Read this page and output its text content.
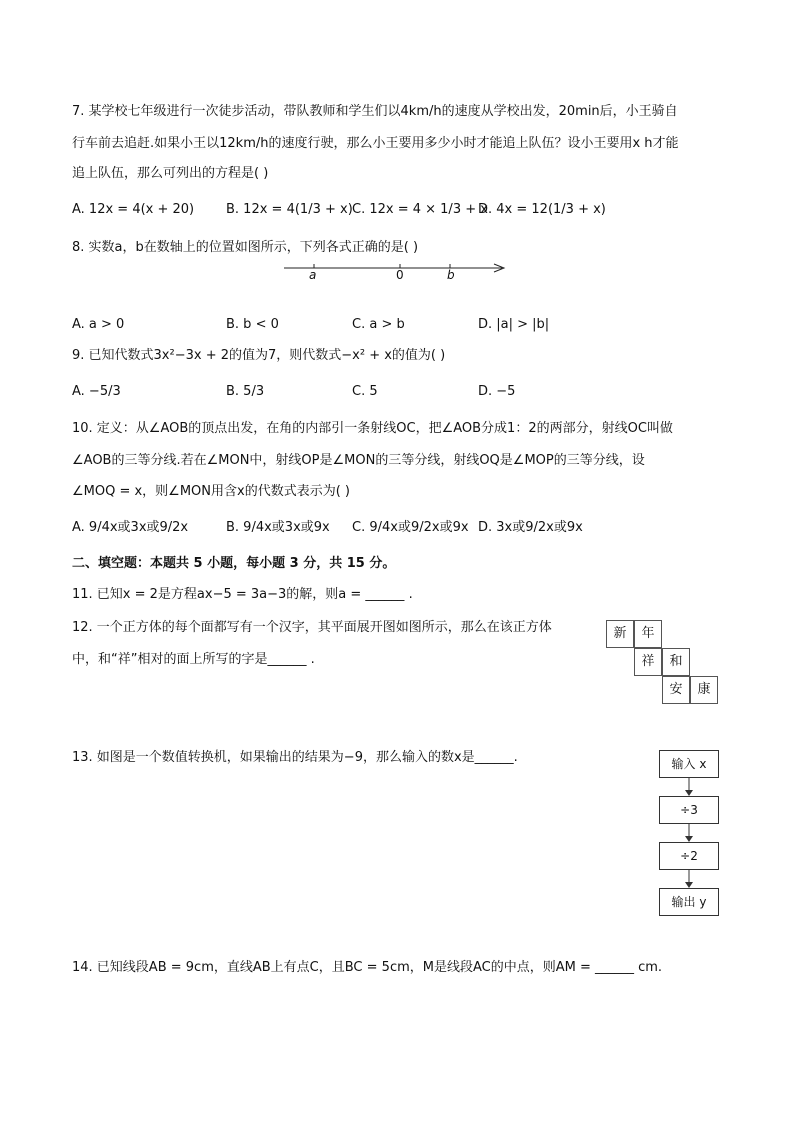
7. 某学校七年级进行一次徒步活动，带队教师和学生们以4km/h的速度从学校出发，20min后，小王骑自
行车前去追赶.如果小王以12km/h的速度行驶，那么小王要用多少小时才能追上队伍？设小王要用x h才能
追上队伍，那么可列出的方程是( )
A. 12x = 4(x + 20) B. 12x = 4(1/3 + x) C. 12x = 4 × 1/3 + x
D. 4x = 12(1/3 + x)
8. 实数a，b在数轴上的位置如图所示，下列各式正确的是( )
a	0	b
A. a > 0	B. b < 0	C. a > b	D. |a| > |b|
9. 已知代数式3x²−3x + 2的值为7，则代数式−x² + x的值为( )
A. −5/3	B. 5/3	C. 5	D. −5
10. 定义：从∠AOB的顶点出发，在角的内部引一条射线OC，把∠AOB分成1：2的两部分，射线OC叫做
∠AOB的三等分线.若在∠MON中，射线OP是∠MON的三等分线，射线OQ是∠MOP的三等分线，设
∠MOQ = x，则∠MON用含x的代数式表示为( )
A. 9/4x或3x或9/2x	B. 9/4x或3x或9x C. 9/4x或9/2x或9x D. 3x或9/2x或9x
二、填空题：本题共 5 小题，每小题 3 分，共 15 分。
11. 已知x = 2是方程ax−5 = 3a−3的解，则a = ______ .
12. 一个正方体的每个面都写有一个汉字，其平面展开图如图所示，那么在该正方体
中，和“祥”相对的面上所写的字是______ .
新	年
祥	和
安	康
13. 如图是一个数值转换机，如果输出的结果为−9，那么输入的数x是______.	输入 x
÷3
÷2
输出 y
14. 已知线段AB = 9cm，直线AB上有点C，且BC = 5cm，M是线段AC的中点，则AM = ______ cm.
